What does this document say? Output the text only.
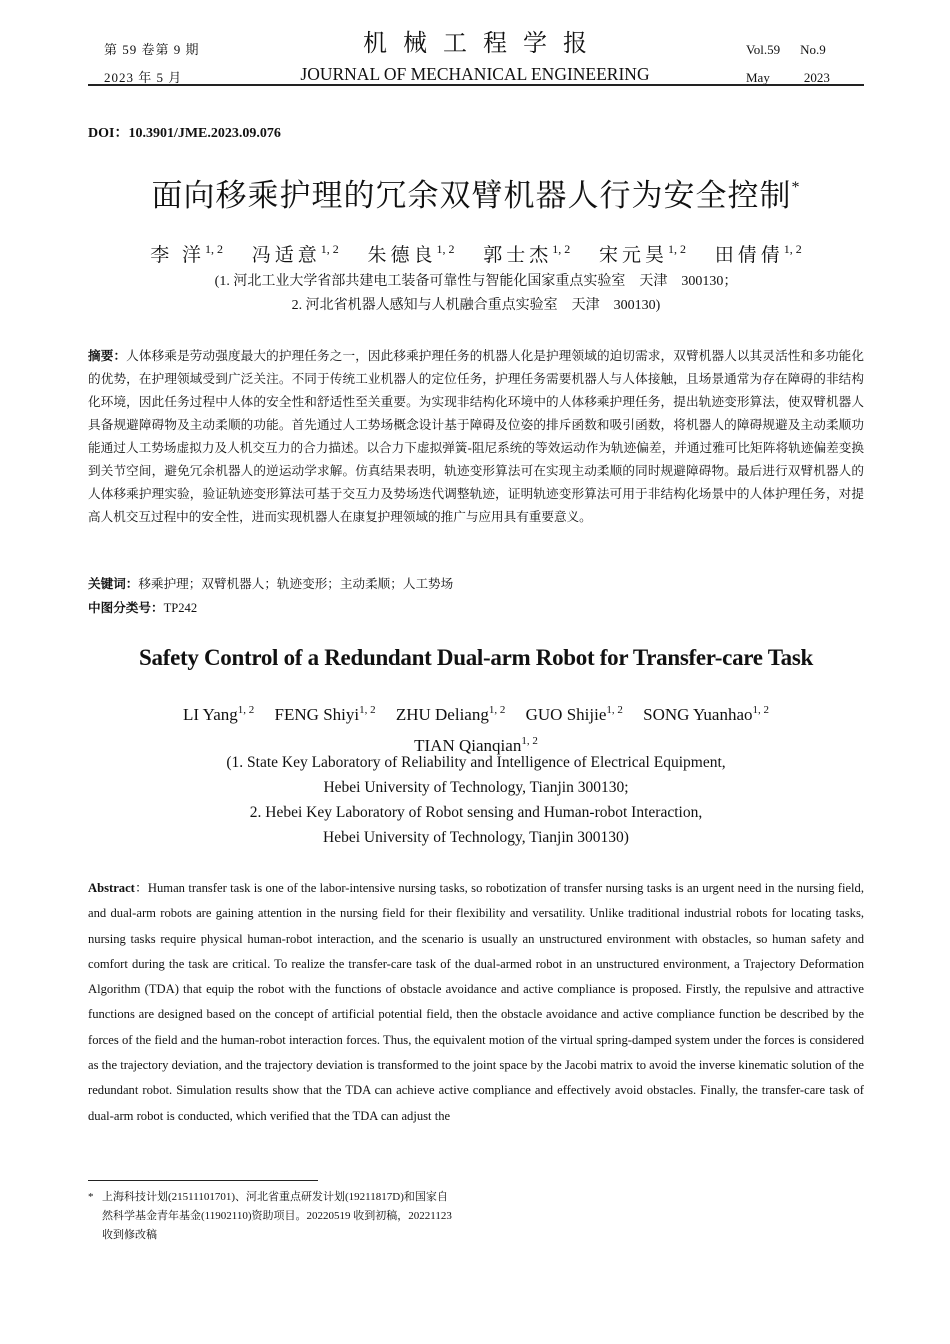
第 59 卷第 9 期
2023 年 5 月
机械工程学报
JOURNAL OF MECHANICAL ENGINEERING
Vol.59 No.9
May	2023
DOI：10.3901/JME.2023.09.076
面向移乘护理的冗余双臂机器人行为安全控制*
李 洋$^{1, 2}$ 冯适意$^{1, 2}$ 朱德良$^{1, 2}$ 郭士杰$^{1, 2}$ 宋元昊$^{1, 2}$ 田倩倩$^{1, 2}$
(1. 河北工业大学省部共建电工装备可靠性与智能化国家重点实验室　天津　300130；
2. 河北省机器人感知与人机融合重点实验室　天津　300130)
摘要：人体移乘是劳动强度最大的护理任务之一，因此移乘护理任务的机器人化是护理领域的迫切需求，双臂机器人以其灵活性和多功能化的优势，在护理领域受到广泛关注。不同于传统工业机器人的定位任务，护理任务需要机器人与人体接触，且场景通常为存在障碍的非结构化环境，因此任务过程中人体的安全性和舒适性至关重要。为实现非结构化环境中的人体移乘护理任务，提出轨迹变形算法，使双臂机器人具备规避障碍物及主动柔顺的功能。首先通过人工势场概念设计基于障碍及位姿的排斥函数和吸引函数，将机器人的障碍规避及主动柔顺功能通过人工势场虚拟力及人机交互力的合力描述。以合力下虚拟弹簧-阻尼系统的等效运动作为轨迹偏差，并通过雅可比矩阵将轨迹偏差变换到关节空间，避免冗余机器人的逆运动学求解。仿真结果表明，轨迹变形算法可在实现主动柔顺的同时规避障碍物。最后进行双臂机器人的人体移乘护理实验，验证轨迹变形算法可基于交互力及势场迭代调整轨迹，证明轨迹变形算法可用于非结构化场景中的人体护理任务，对提高人机交互过程中的安全性，进而实现机器人在康复护理领域的推广与应用具有重要意义。
关键词：移乘护理；双臂机器人；轨迹变形；主动柔顺；人工势场
中图分类号：TP242
Safety Control of a Redundant Dual-arm Robot for Transfer-care Task
LI Yang$^{1, 2}$ FENG Shiyi$^{1, 2}$ ZHU Deliang$^{1, 2}$ GUO Shijie$^{1, 2}$ SONG Yuanhao$^{1, 2}$
TIAN Qianqian$^{1, 2}$
(1. State Key Laboratory of Reliability and Intelligence of Electrical Equipment,
Hebei University of Technology, Tianjin 300130;
2. Hebei Key Laboratory of Robot sensing and Human-robot Interaction,
Hebei University of Technology, Tianjin 300130)
Abstract：Human transfer task is one of the labor-intensive nursing tasks, so robotization of transfer nursing tasks is an urgent need in the nursing field, and dual-arm robots are gaining attention in the nursing field for their flexibility and versatility. Unlike traditional industrial robots for locating tasks, nursing tasks require physical human-robot interaction, and the scenario is usually an unstructured environment with obstacles, so human safety and comfort during the task are critical. To realize the transfer-care task of the dual-armed robot in an unstructured environment, a Trajectory Deformation Algorithm (TDA) that equip the robot with the functions of obstacle avoidance and active compliance is proposed. Firstly, the repulsive and attractive functions are designed based on the concept of artificial potential field, then the obstacle avoidance and active compliance function be described by the forces of the field and the human-robot interaction forces. Thus, the equivalent motion of the virtual spring-damped system under the forces is considered as the trajectory deviation, and the trajectory deviation is transformed to the joint space by the Jacobi matrix to avoid the inverse kinematic solution of the redundant robot. Simulation results show that the TDA can achieve active compliance and effectively avoid obstacles. Finally, the transfer-care task of dual-arm robot is conducted, which verified that the TDA can adjust the
* 上海科技计划(21511101701)、河北省重点研发计划(19211817D)和国家自
然科学基金青年基金(11902110)资助项目。20220519 收到初稿，20221123
收到修改稿
